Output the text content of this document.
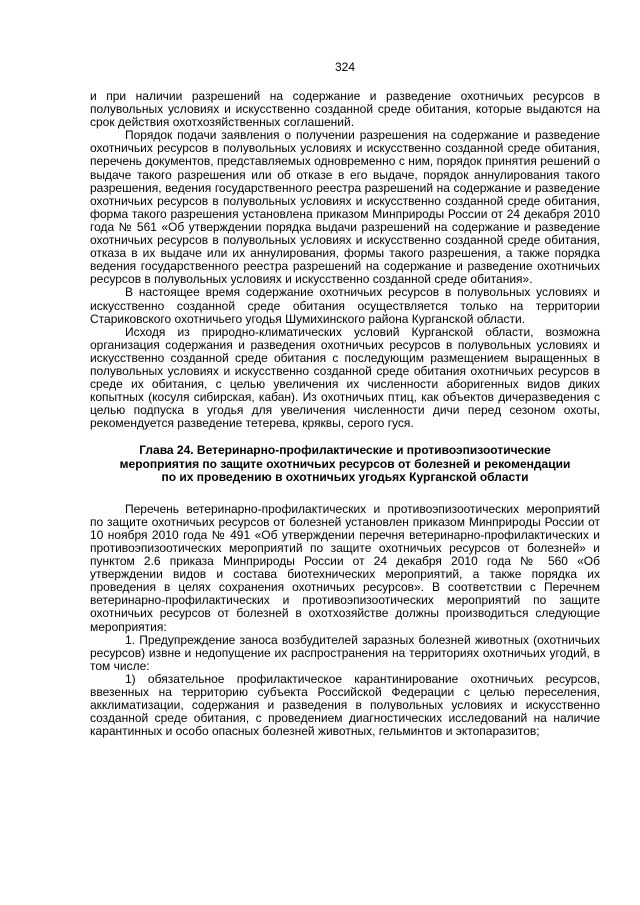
324

и при наличии разрешений на содержание и разведение охотничьих ресурсов в полувольных условиях и искусственно созданной среде обитания, которые выдаются на срок действия охотхозяйственных соглашений.

Порядок подачи заявления о получении разрешения на содержание и разведение охотничьих ресурсов в полувольных условиях и искусственно созданной среде обитания, перечень документов, представляемых одновременно с ним, порядок принятия решений о выдаче такого разрешения или об отказе в его выдаче, порядок аннулирования такого разрешения, ведения государственного реестра разрешений на содержание и разведение охотничьих ресурсов в полувольных условиях и искусственно созданной среде обитания, форма такого разрешения установлена приказом Минприроды России от 24 декабря 2010 года № 561 «Об утверждении порядка выдачи разрешений на содержание и разведение охотничьих ресурсов в полувольных условиях и искусственно созданной среде обитания, отказа в их выдаче или их аннулирования, формы такого разрешения, а также порядка ведения государственного реестра разрешений на содержание и разведение охотничьих ресурсов в полувольных условиях и искусственно созданной среде обитания».

В настоящее время содержание охотничьих ресурсов в полувольных условиях и искусственно созданной среде обитания осуществляется только на территории Стариковского охотничьего угодья Шумихинского района Курганской области.

Исходя из природно-климатических условий Курганской области, возможна организация содержания и разведения охотничьих ресурсов в полувольных условиях и искусственно созданной среде обитания с последующим размещением выращенных в полувольных условиях и искусственно созданной среде обитания охотничьих ресурсов в среде их обитания, с целью увеличения их численности аборигенных видов диких копытных (косуля сибирская, кабан). Из охотничьих птиц, как объектов дичеразведения с целью подпуска в угодья для увеличения численности дичи перед сезоном охоты, рекомендуется разведение тетерева, кряквы, серого гуся.

Глава 24. Ветеринарно-профилактические и противоэпизоотические
мероприятия по защите охотничьих ресурсов от болезней и рекомендации
по их проведению в охотничьих угодьях Курганской области

Перечень ветеринарно-профилактических и противоэпизоотических мероприятий по защите охотничьих ресурсов от болезней установлен приказом Минприроды России от 10 ноября 2010 года № 491 «Об утверждении перечня ветеринарно-профилактических и противоэпизоотических мероприятий по защите охотничьих ресурсов от болезней» и пунктом 2.6 приказа Минприроды России от 24 декабря 2010 года № 560 «Об утверждении видов и состава биотехнических мероприятий, а также порядка их проведения в целях сохранения охотничьих ресурсов». В соответствии с Перечнем ветеринарно-профилактических и противоэпизоотических мероприятий по защите охотничьих ресурсов от болезней в охотхозяйстве должны производиться следующие мероприятия:

1. Предупреждение заноса возбудителей заразных болезней животных (охотничьих ресурсов) извне и недопущение их распространения на территориях охотничьих угодий, в том числе:

1) обязательное профилактическое карантинирование охотничьих ресурсов, ввезенных на территорию субъекта Российской Федерации с целью переселения, акклиматизации, содержания и разведения в полувольных условиях и искусственно созданной среде обитания, с проведением диагностических исследований на наличие карантинных и особо опасных болезней животных, гельминтов и эктопаразитов;
